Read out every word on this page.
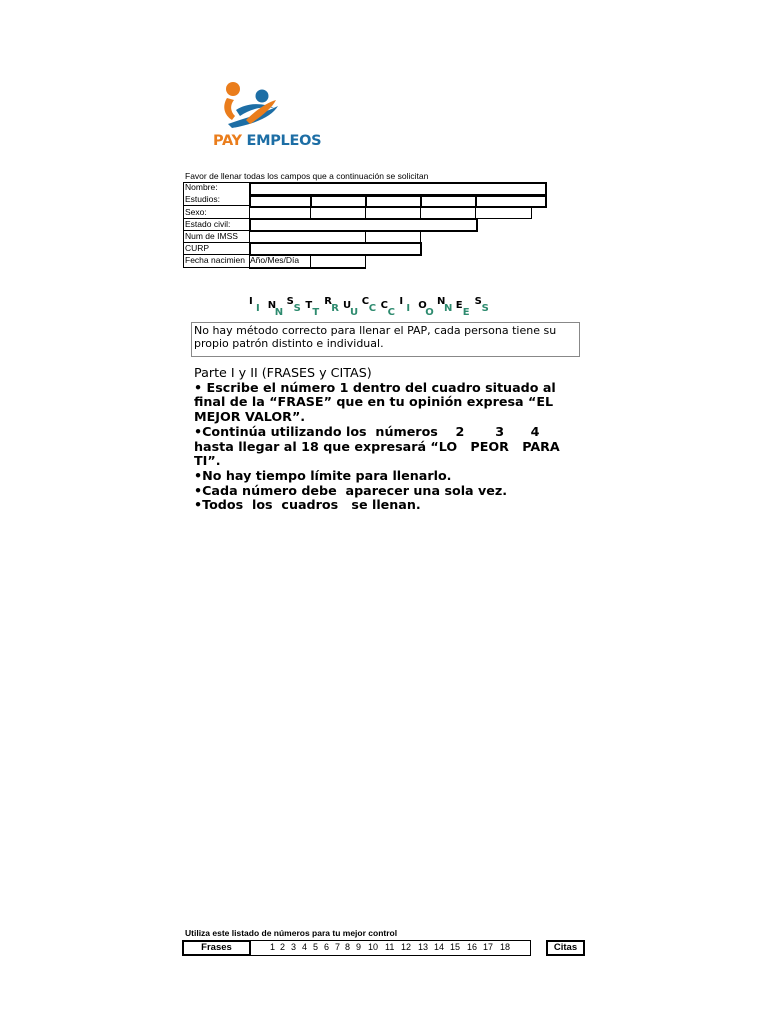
PAY EMPLEOS
Favor de llenar todas los campos que a continuación se solicitan
Nombre:
Estudios:
Sexo:
Estado civil:
Num de IMSS
CURP
Fecha nacimien Año/Mes/Día
I
I N
N
S
S T
T
R
R U
U
C
C C
C
I
I O
O
N
N E
E
S
S
No hay método correcto para llenar el PAP, cada persona tiene su propio patrón distinto e individual.
Parte I y II (FRASES y CITAS)
• Escribe el número 1 dentro del cuadro situado al
final de la “FRASE” que en tu opinión expresa “EL
MEJOR VALOR”.
•Continúa utilizando los  números    2       3      4
hasta llegar al 18 que expresará “LO   PEOR   PARA
TI”.
•No hay tiempo límite para llenarlo.
•Cada número debe  aparecer una sola vez.
•Todos  los  cuadros   se llenan.
Utiliza este listado de números para tu mejor control
Frases	1 2 3 4 5 6 7 8 9 10 11 12 13 14 15 16 17 18	Citas
